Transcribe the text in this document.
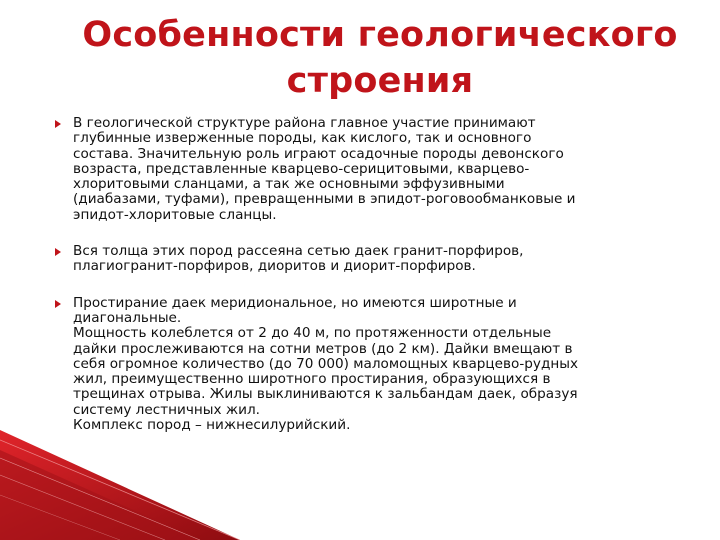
Особенности геологического
строения
В геологической структуре района главное участие принимают
глубинные изверженные породы, как кислого, так и основного
состава. Значительную роль играют осадочные породы девонского
возраста, представленные кварцево-серицитовыми, кварцево-
хлоритовыми сланцами, а так же основными эффузивными
(диабазами, туфами), превращенными в эпидот-роговообманковые и
эпидот-хлоритовые сланцы.
Вся толща этих пород рассеяна сетью даек гранит-порфиров,
плагиогранит-порфиров, диоритов и диорит-порфиров.
Простирание даек меридиональное, но имеются широтные и
диагональные.
Мощность колеблется от 2 до 40 м, по протяженности отдельные
дайки прослеживаются на сотни метров (до 2 км). Дайки вмещают в
себя огромное количество (до 70 000) маломощных кварцево-рудных
жил, преимущественно широтного простирания, образующихся в
трещинах отрыва. Жилы выклиниваются к зальбандам даек, образуя
систему лестничных жил.
Комплекс пород – нижнесилурийский.
